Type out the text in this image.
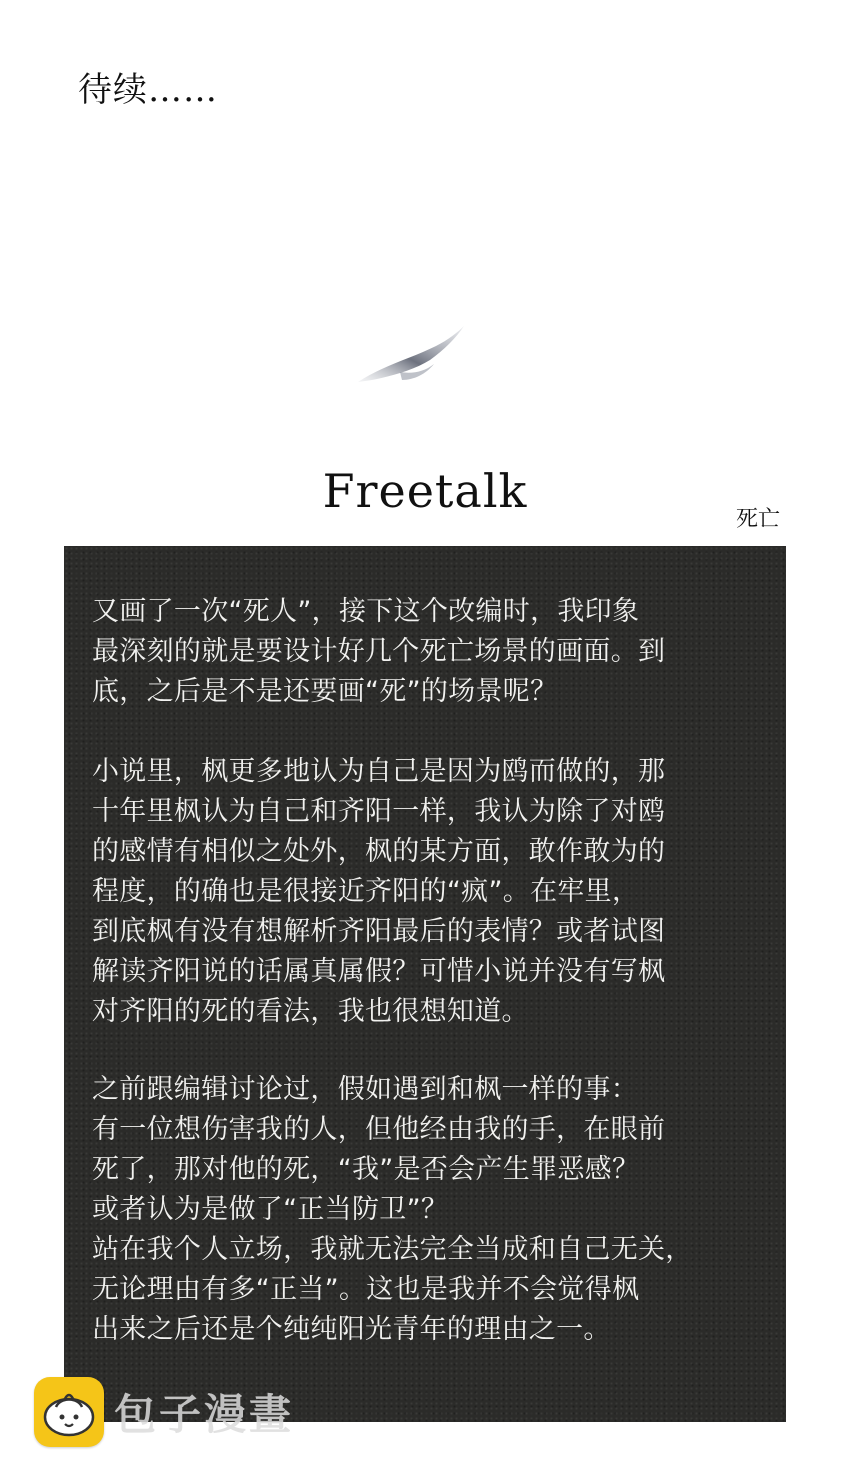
待续……
Freetalk
死亡
又画了一次“死人”，接下这个改编时，我印象
最深刻的就是要设计好几个死亡场景的画面。到
底，之后是不是还要画“死”的场景呢？
小说里，枫更多地认为自己是因为鸥而做的，那
十年里枫认为自己和齐阳一样，我认为除了对鸥
的感情有相似之处外，枫的某方面，敢作敢为的
程度，的确也是很接近齐阳的“疯”。在牢里，
到底枫有没有想解析齐阳最后的表情？或者试图
解读齐阳说的话属真属假？可惜小说并没有写枫
对齐阳的死的看法，我也很想知道。
之前跟编辑讨论过，假如遇到和枫一样的事：
有一位想伤害我的人，但他经由我的手，在眼前
死了，那对他的死，“我”是否会产生罪恶感？
或者认为是做了“正当防卫”？
站在我个人立场，我就无法完全当成和自己无关，
无论理由有多“正当”。这也是我并不会觉得枫
出来之后还是个纯纯阳光青年的理由之一。
包子漫畫
